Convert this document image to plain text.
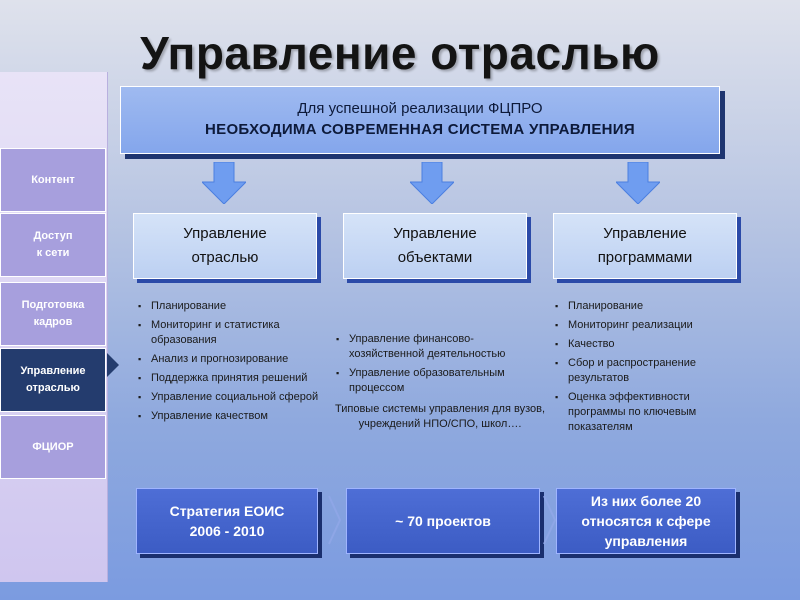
Управление отраслью
Контент
Доступ
к сети
Подготовка
кадров
Управление
отраслью
ФЦИОР
Для успешной реализации ФЦПРО
НЕОБХОДИМА СОВРЕМЕННАЯ СИСТЕМА УПРАВЛЕНИЯ
Управление
отраслью
Управление
объектами
Управление
программами
▪ Планирование
▪ Мониторинг и статистика образования
▪ Анализ и прогнозирование
▪ Поддержка принятия решений
▪ Управление социальной сферой
▪ Управление качеством
▪ Управление финансово-хозяйственной деятельностью
▪ Управление образовательным процессом
Типовые системы управления для вузов, учреждений НПО/СПО, школ….
▪ Планирование
▪ Мониторинг реализации
▪ Качество
▪ Сбор и распространение результатов
▪ Оценка эффективности программы по ключевым показателям
Стратегия ЕОИС
2006 - 2010
~ 70 проектов
Из них более 20
относятся к сфере
управления
